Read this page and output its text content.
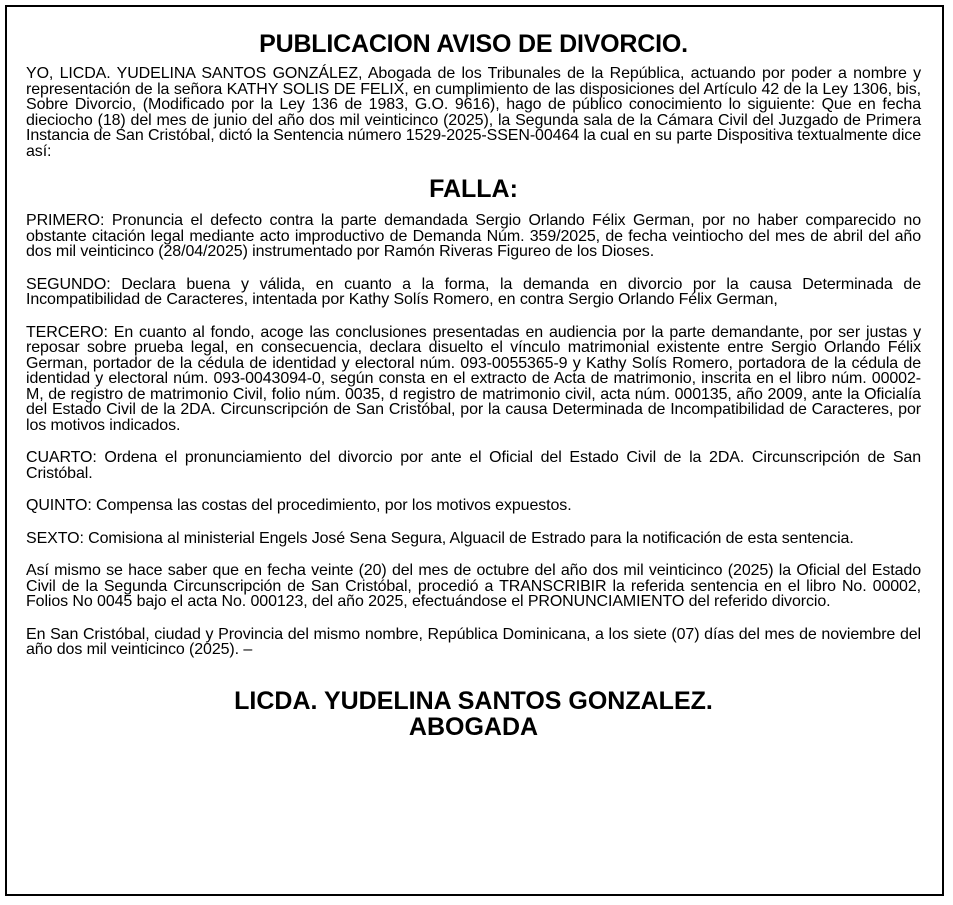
PUBLICACION AVISO DE DIVORCIO.

YO, LICDA. YUDELINA SANTOS GONZÁLEZ, Abogada de los Tribunales de la República, actuando por poder a nombre y representación de la señora KATHY SOLIS DE FELIX, en cumplimiento de las disposiciones del Artículo 42 de la Ley 1306, bis, Sobre Divorcio, (Modificado por la Ley 136 de 1983, G.O. 9616), hago de público conocimiento lo siguiente: Que en fecha dieciocho (18) del mes de junio del año dos mil veinticinco (2025), la Segunda sala de la Cámara Civil del Juzgado de Primera Instancia de San Cristóbal, dictó la Sentencia número 1529-2025-SSEN-00464 la cual en su parte Dispositiva textualmente dice así:

FALLA:

PRIMERO: Pronuncia el defecto contra la parte demandada Sergio Orlando Félix German, por no haber comparecido no obstante citación legal mediante acto improductivo de Demanda Núm. 359/2025, de fecha veintiocho del mes de abril del año dos mil veinticinco (28/04/2025) instrumentado por Ramón Riveras Figureo de los Dioses.

SEGUNDO: Declara buena y válida, en cuanto a la forma, la demanda en divorcio por la causa Determinada de Incompatibilidad de Caracteres, intentada por Kathy Solís Romero, en contra Sergio Orlando Félix German,

TERCERO: En cuanto al fondo, acoge las conclusiones presentadas en audiencia por la parte demandante, por ser justas y reposar sobre prueba legal, en consecuencia, declara disuelto el vínculo matrimonial existente entre Sergio Orlando Félix German, portador de la cédula de identidad y electoral núm. 093-0055365-9 y Kathy Solís Romero, portadora de la cédula de identidad y electoral núm. 093-0043094-0, según consta en el extracto de Acta de matrimonio, inscrita en el libro núm. 00002-M, de registro de matrimonio Civil, folio núm. 0035, d registro de matrimonio civil, acta núm. 000135, año 2009, ante la Oficialía del Estado Civil de la 2DA. Circunscripción de San Cristóbal, por la causa Determinada de Incompatibilidad de Caracteres, por los motivos indicados.

CUARTO: Ordena el pronunciamiento del divorcio por ante el Oficial del Estado Civil de la 2DA. Circunscripción de San Cristóbal.

QUINTO: Compensa las costas del procedimiento, por los motivos expuestos.

SEXTO: Comisiona al ministerial Engels José Sena Segura, Alguacil de Estrado para la notificación de esta sentencia.

Así mismo se hace saber que en fecha veinte (20) del mes de octubre del año dos mil veinticinco (2025) la Oficial del Estado Civil de la Segunda Circunscripción de San Cristóbal, procedió a TRANSCRIBIR la referida sentencia en el libro No. 00002, Folios No 0045 bajo el acta No. 000123, del año 2025, efectuándose el PRONUNCIAMIENTO del referido divorcio.

En San Cristóbal, ciudad y Provincia del mismo nombre, República Dominicana, a los siete (07) días del mes de noviembre del año dos mil veinticinco (2025). –

LICDA. YUDELINA SANTOS GONZALEZ.
ABOGADA
